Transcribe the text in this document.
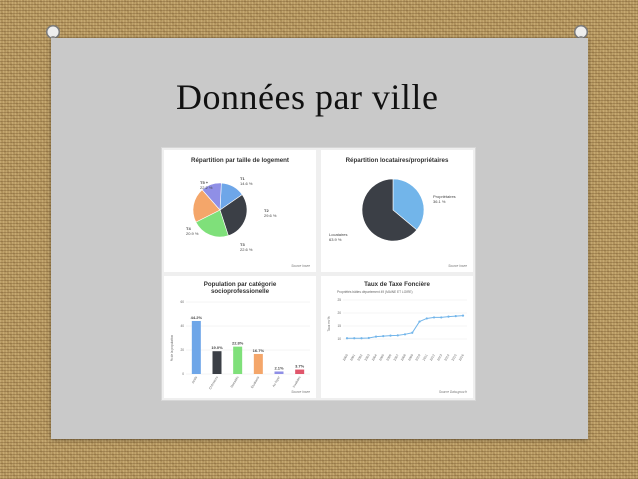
Données par ville
Répartition par taille de logement
T1
14.6 %
T2
29.6 %
T3
22.6 %
T4
20.9 %
T5 +
22.2 %
Source Insee
Répartition locataires/propriétaires
Propriétaires
36.1 %
Locataires
63.9 %
Source Insee
Population par catégorie
socioprofessionelle
% de la population
60
40
20
0
44.2%
Actifs
19.0%
Chômeurs
22.8%
Retraités
16.7%
Étudiants
2.1%
Au foyer
3.7%
Invalides
Source Insee
Taux de Taxe Foncière
Propriétés bâties département 49 (MAINE ET LOIRE)
Taux en %
25
20
15
10
2000 2001 2002 2003 2004 2005 2006 2007 2008 2009 2010 2011 2012 2013 2014 2015 2016
Source Data.gouv.fr
